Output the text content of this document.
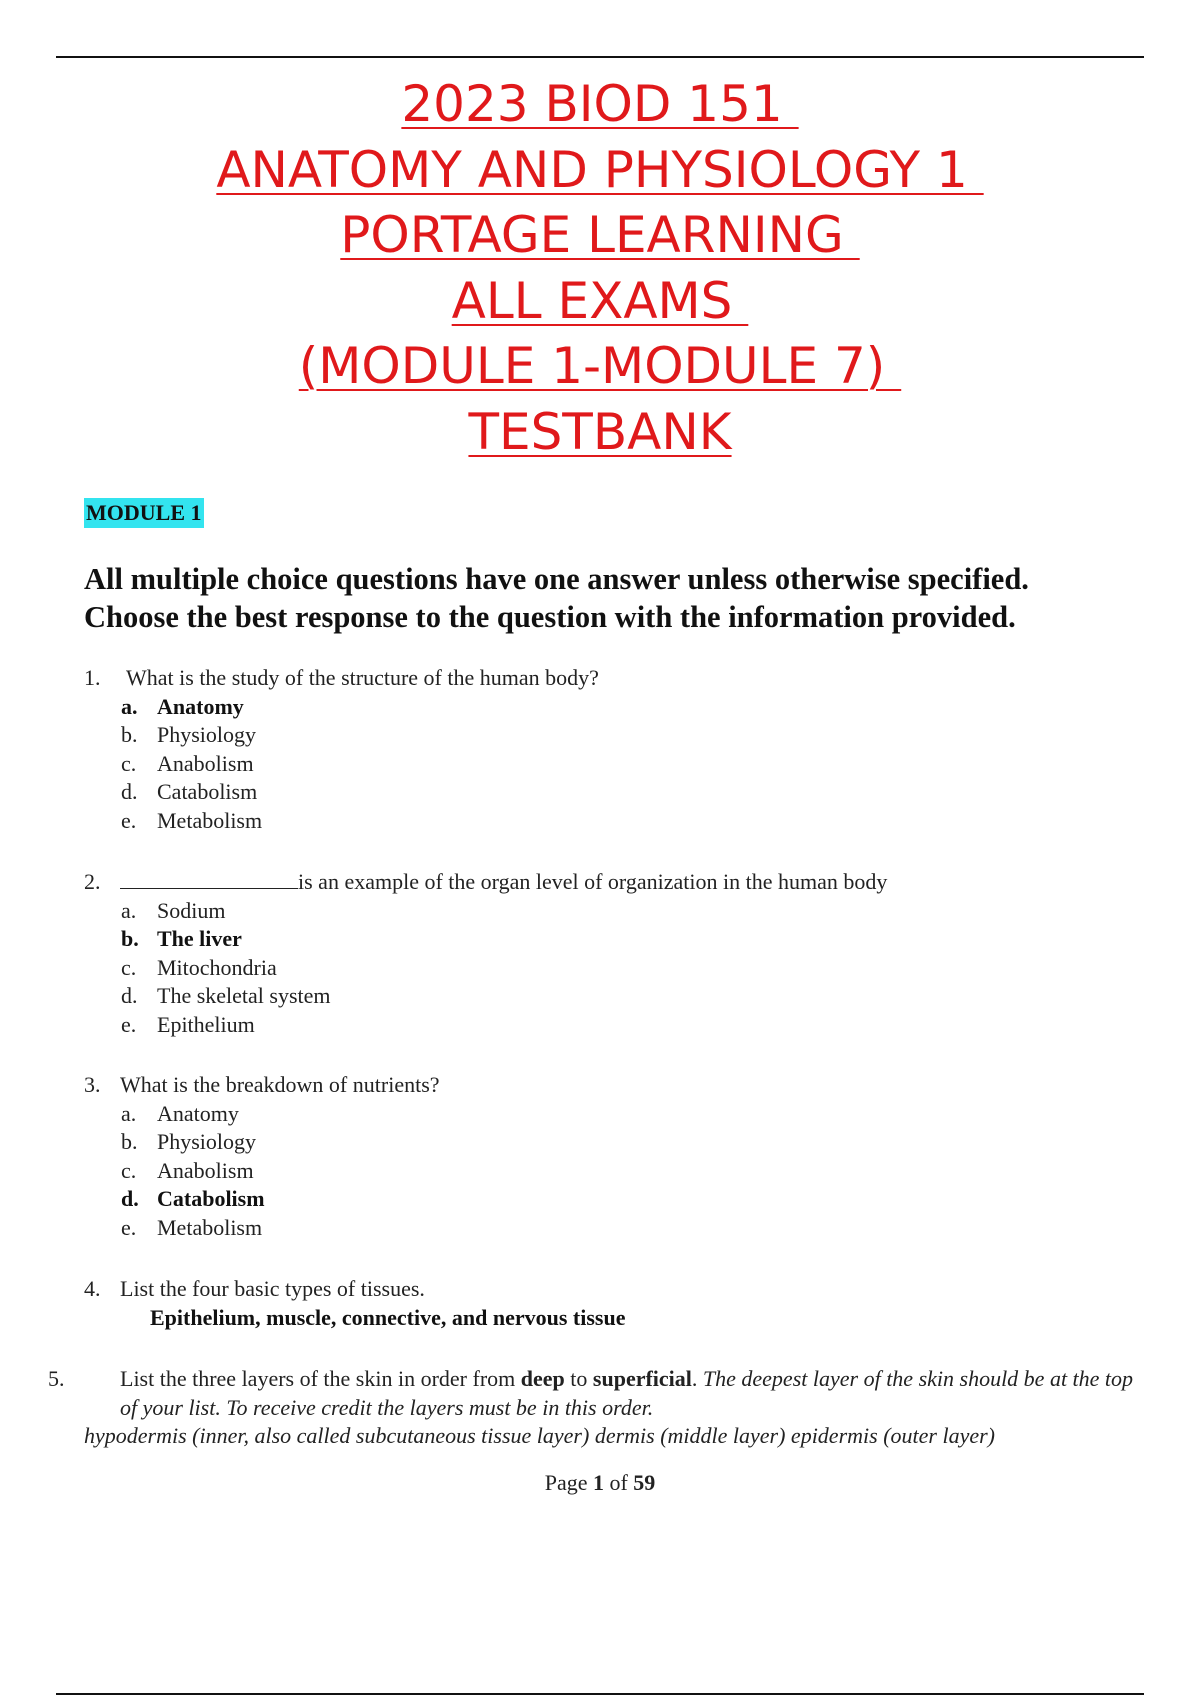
2023 BIOD 151
ANATOMY AND PHYSIOLOGY 1
PORTAGE LEARNING
ALL EXAMS
(MODULE 1-MODULE 7)
TESTBANK
MODULE 1
All multiple choice questions have one answer unless otherwise specified.
Choose the best response to the question with the information provided.
1. What is the study of the structure of the human body?
a. Anatomy
b. Physiology
c. Anabolism
d. Catabolism
e. Metabolism
2.	is an example of the organ level of organization in the human body
a. Sodium
b. The liver
c. Mitochondria
d. The skeletal system
e. Epithelium
3. What is the breakdown of nutrients?
a. Anatomy
b. Physiology
c. Anabolism
d. Catabolism
e. Metabolism
4. List the four basic types of tissues.
Epithelium, muscle, connective, and nervous tissue
5.	List the three layers of the skin in order from deep to superficial. The deepest layer of the skin should be at the top of your list. To receive credit the layers must be in this order.
hypodermis (inner, also called subcutaneous tissue layer) dermis (middle layer) epidermis (outer layer)
Page 1 of 59
